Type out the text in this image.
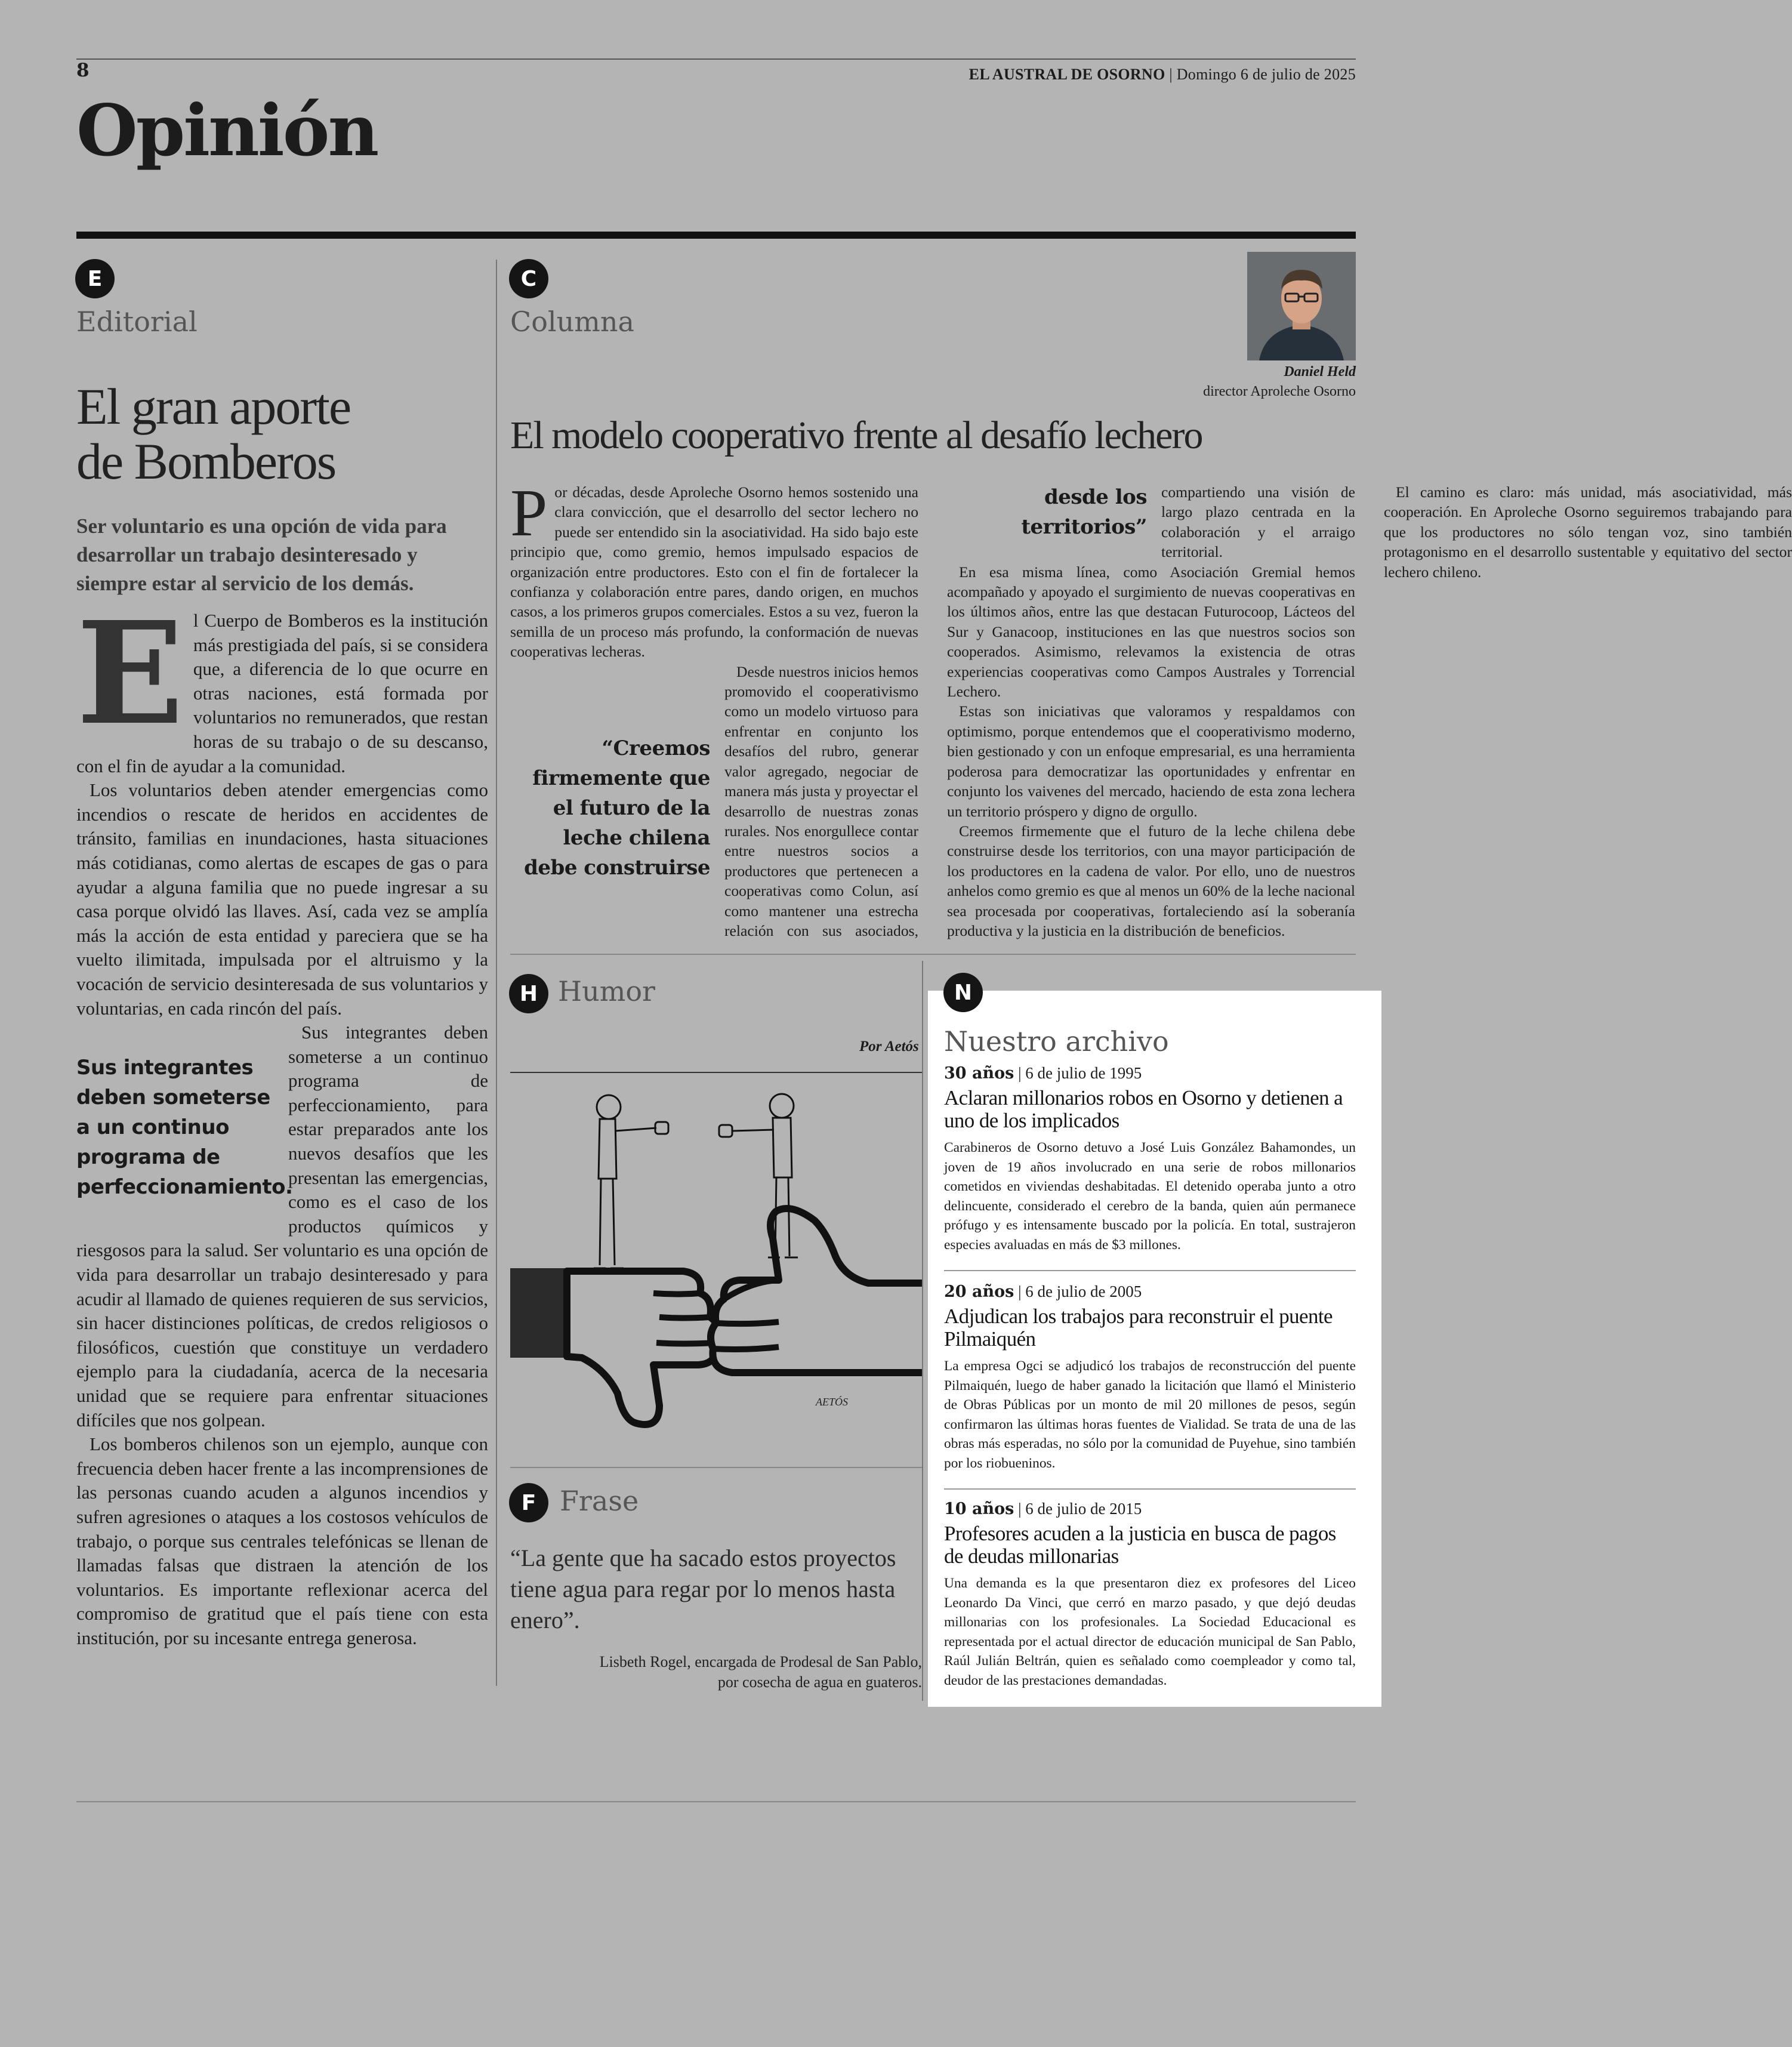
8	EL AUSTRAL DE OSORNO | Domingo 6 de julio de 2025
Opinión
E
Editorial
El gran aporte
de Bomberos
Ser voluntario es una opción de vida para desarrollar un trabajo desinteresado y siempre estar al servicio de los demás.

El Cuerpo de Bomberos es la institución más prestigiada del país, si se considera que, a diferencia de lo que ocurre en otras naciones, está formada por voluntarios no remunerados, que restan horas de su trabajo o de su descanso, con el fin de ayudar a la comunidad.

Los voluntarios deben atender emergencias como incendios o rescate de heridos en accidentes de tránsito, familias en inundaciones, hasta situaciones más cotidianas, como alertas de escapes de gas o para ayudar a alguna familia que no puede ingresar a su casa porque olvidó las llaves. Así, cada vez se amplía más la acción de esta entidad y pareciera que se ha vuelto ilimitada, impulsada por el altruismo y la vocación de servicio desinteresada de sus voluntarios y voluntarias, en cada rincón del país.

Sus integrantes deben someterse a un continuo programa de perfeccionamiento.

Sus integrantes deben someterse a un continuo programa de perfeccionamiento, para estar preparados ante los nuevos desafíos que les presentan las emergencias, como es el caso de los productos químicos y riesgosos para la salud. Ser voluntario es una opción de vida para desarrollar un trabajo desinteresado y para acudir al llamado de quienes requieren de sus servicios, sin hacer distinciones políticas, de credos religiosos o filosóficos, cuestión que constituye un verdadero ejemplo para la ciudadanía, acerca de la necesaria unidad que se requiere para enfrentar situaciones difíciles que nos golpean.

Los bomberos chilenos son un ejemplo, aunque con frecuencia deben hacer frente a las incomprensiones de las personas cuando acuden a algunos incendios y sufren agresiones o ataques a los costosos vehículos de trabajo, o porque sus centrales telefónicas se llenan de llamadas falsas que distraen la atención de los voluntarios. Es importante reflexionar acerca del compromiso de gratitud que el país tiene con esta institución, por su incesante entrega generosa.

C
Columna
Daniel Held
director Aproleche Osorno
El modelo cooperativo frente al desafío lechero

Por décadas, desde Aproleche Osorno hemos sostenido una clara convicción, que el desarrollo del sector lechero no puede ser entendido sin la asociatividad. Ha sido bajo este principio que, como gremio, hemos impulsado espacios de organización entre productores. Esto con el fin de fortalecer la confianza y colaboración entre pares, dando origen, en muchos casos, a los primeros grupos comerciales. Estos a su vez, fueron la semilla de un proceso más profundo, la conformación de nuevas cooperativas lecheras.

“Creemos firmemente que el futuro de la leche chilena debe construirse desde los territorios”

Desde nuestros inicios hemos promovido el cooperativismo como un modelo virtuoso para enfrentar en conjunto los desafíos del rubro, generar valor agregado, negociar de manera más justa y proyectar el desarrollo de nuestras zonas rurales. Nos enorgullece contar entre nuestros socios a productores que pertenecen a cooperativas como Colun, así como mantener una estrecha relación con sus asociados, compartiendo una visión de largo plazo centrada en la colaboración y el arraigo territorial.

En esa misma línea, como Asociación Gremial hemos acompañado y apoyado el surgimiento de nuevas cooperativas en los últimos años, entre las que destacan Futurocoop, Lácteos del Sur y Ganacoop, instituciones en las que nuestros socios son cooperados. Asimismo, relevamos la existencia de otras experiencias cooperativas como Campos Australes y Torrencial Lechero.

Estas son iniciativas que valoramos y respaldamos con optimismo, porque entendemos que el cooperativismo moderno, bien gestionado y con un enfoque empresarial, es una herramienta poderosa para democratizar las oportunidades y enfrentar en conjunto los vaivenes del mercado, haciendo de esta zona lechera un territorio próspero y digno de orgullo.

Creemos firmemente que el futuro de la leche chilena debe construirse desde los territorios, con una mayor participación de los productores en la cadena de valor. Por ello, uno de nuestros anhelos como gremio es que al menos un 60% de la leche nacional sea procesada por cooperativas, fortaleciendo así la soberanía productiva y la justicia en la distribución de beneficios.

El camino es claro: más unidad, más asociatividad, más cooperación. En Aproleche Osorno seguiremos trabajando para que los productores no sólo tengan voz, sino también protagonismo en el desarrollo sustentable y equitativo del sector lechero chileno.

H Humor
Por Aetós
AETÓS
F Frase
“La gente que ha sacado estos proyectos tiene agua para regar por lo menos hasta enero”.
Lisbeth Rogel, encargada de Prodesal de San Pablo,
por cosecha de agua en guateros.
N
Nuestro archivo
30 años | 6 de julio de 1995
Aclaran millonarios robos en Osorno y detienen a uno de los implicados
Carabineros de Osorno detuvo a José Luis González Bahamondes, un joven de 19 años involucrado en una serie de robos millonarios cometidos en viviendas deshabitadas. El detenido operaba junto a otro delincuente, considerado el cerebro de la banda, quien aún permanece prófugo y es intensamente buscado por la policía. En total, sustrajeron especies avaluadas en más de $3 millones.
20 años | 6 de julio de 2005
Adjudican los trabajos para reconstruir el puente Pilmaiquén
La empresa Ogci se adjudicó los trabajos de reconstrucción del puente Pilmaiquén, luego de haber ganado la licitación que llamó el Ministerio de Obras Públicas por un monto de mil 20 millones de pesos, según confirmaron las últimas horas fuentes de Vialidad. Se trata de una de las obras más esperadas, no sólo por la comunidad de Puyehue, sino también por los riobueninos.
10 años | 6 de julio de 2015
Profesores acuden a la justicia en busca de pagos de deudas millonarias
Una demanda es la que presentaron diez ex profesores del Liceo Leonardo Da Vinci, que cerró en marzo pasado, y que dejó deudas millonarias con los profesionales. La Sociedad Educacional es representada por el actual director de educación municipal de San Pablo, Raúl Julián Beltrán, quien es señalado como coempleador y como tal, deudor de las prestaciones demandadas.
